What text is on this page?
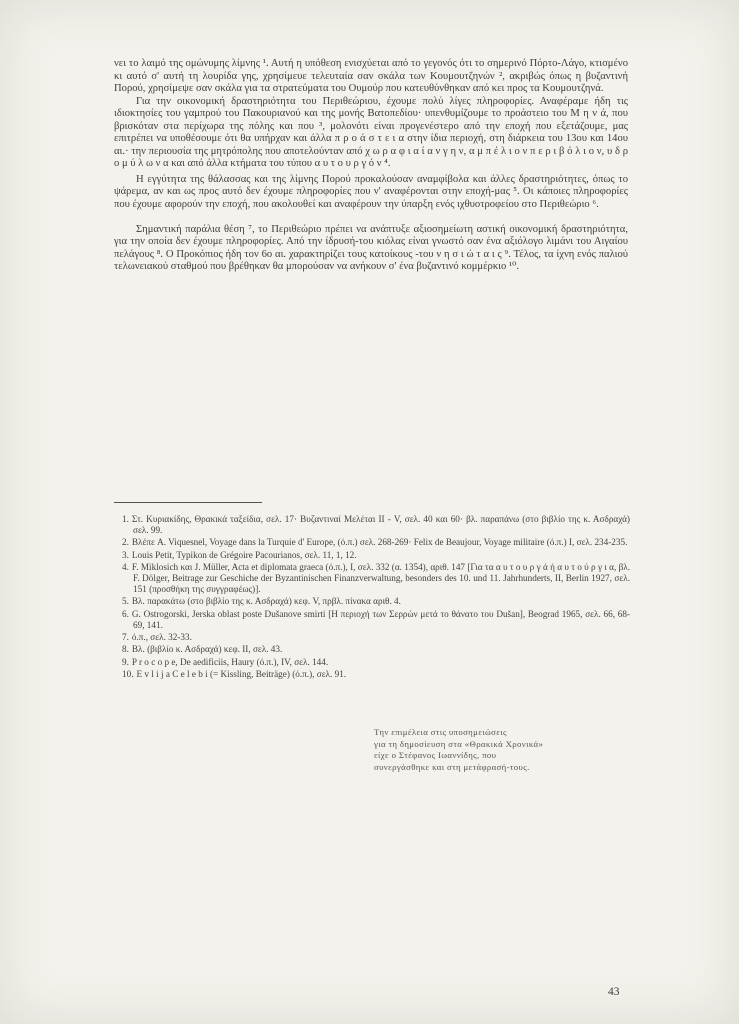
νει το λαιμό της ομώνυμης λίμνης ¹. Αυτή η υπόθεση ενισχύεται από το γεγονός ότι το σημερινό Πόρτο-Λάγο, κτισμένο κι αυτό σ' αυτή τη λουρίδα γης, χρησίμευε τελευταία σαν σκάλα των Κουμουτζηνών ², ακριβώς όπως η βυζαντινή Πορού, χρησίμεψε σαν σκάλα για τα στρατεύματα του Ουμούρ που κατευθύνθηκαν από κει προς τα Κουμουτζηνά.

Για την οικονομική δραστηριότητα του Περιθεώριου, έχουμε πολύ λίγες πληροφορίες. Αναφέραμε ήδη τις ιδιοκτησίες του γαμπρού του Πακουριανού και της μονής Βατοπεδίου· υπενθυμίζουμε το προάστειο του Μ η ν ά, που βρισκόταν στα περίχωρα της πόλης και που ³, μολονότι είναι προγενέστερο από την εποχή που εξετάζουμε, μας επιτρέπει να υποθέσουμε ότι θα υπήρχαν και άλλα π ρ ο ά σ τ ε ι α στην ίδια περιοχή, στη διάρκεια του 13ου και 14ου αι.· την περιουσία της μητρόπολης που αποτελούνταν από χ ω ρ α φ ι α ί α ν γ η ν, α μ π έ λ ι ο ν π ε ρ ι β ό λ ι ο ν, υ δ ρ ο μ ύ λ ω ν α και από άλλα κτήματα του τύπου α υ τ ο υ ρ γ ό ν ⁴.

Η εγγύτητα της θάλασσας και της λίμνης Πορού προκαλούσαν αναμφίβολα και άλλες δραστηριότητες, όπως το ψάρεμα, αν και ως προς αυτό δεν έχουμε πληροφορίες που ν' αναφέρονται στην εποχή-μας ⁵. Οι κάποιες πληροφορίες που έχουμε αφορούν την εποχή, που ακολουθεί και αναφέρουν την ύπαρξη ενός ιχθυοτροφείου στο Περιθεώριο ⁶.

Σημαντική παράλια θέση ⁷, το Περιθεώριο πρέπει να ανάπτυξε αξιοσημείωτη αστική οικονομική δραστηριότητα, για την οποία δεν έχουμε πληροφορίες. Από την ίδρυσή-του κιόλας είναι γνωστό σαν ένα αξιόλογο λιμάνι του Αιγαίου πελάγους ⁸. Ο Προκόπιος ήδη τον 6ο αι. χαρακτηρίζει τους κατοίκους -του ν η σ ι ώ τ α ι ς ⁹. Τέλος, τα ίχνη ενός παλιού τελωνειακού σταθμού που βρέθηκαν θα μπορούσαν να ανήκουν σ' ένα βυζαντινό κομμέρκιο ¹⁰.

1. Στ. Κυριακίδης, Θρακικά ταξείδια, σελ. 17· Βυζαντιναί Μελέται ΙΙ - V, σελ. 40 και 60· βλ. παραπάνω (στο βιβλίο της κ. Ασδραχά) σελ. 99.

2. Βλέπε A. Viquesnel, Voyage dans la Turquie d' Europe, (ό.π.) σελ. 268-269· Felix de Beaujour, Voyage militaire (ό.π.) I, σελ. 234-235.

3. Louis Petit, Typikon de Grégoire Pacourianos, σελ. 11, 1, 12.

4. F. Miklosich και J. Müller, Acta et diplomata graeca (ό.π.), I, σελ. 332 (α. 1354), αριθ. 147 [Για τα α υ τ ο υ ρ γ ά ή α υ τ ο ύ ρ γ ι α, βλ. F. Dölger, Beitrage zur Geschiche der Byzantinischen Finanzverwaltung, besonders des 10. und 11. Jahrhunderts, II, Berlin 1927, σελ. 151 (προσθήκη της συγγραφέως)].

5. Βλ. παρακάτω (στο βιβλίο της κ. Ασδραχά) κεφ. V, πρβλ. πίνακα αριθ. 4.

6. G. Ostrogorski, Jerska oblast poste Dušanove smirti [Η περιοχή των Σερρών μετά το θάνατο του Dušan], Beograd 1965, σελ. 66, 68-69, 141.

7. ό.π., σελ. 32-33.

8. Βλ. (βιβλίο κ. Ασδραχά) κεφ. ΙΙ, σελ. 43.

9. P r o c o p e, De aedificiis, Haury (ό.π.), IV, σελ. 144.

10. E v l i j a C e l e b i (= Kissling, Beiträge) (ό.π.), σελ. 91.

Την επιμέλεια στις υποσημειώσεις
για τη δημοσίευση στα «Θρακικά Χρονικά»
είχε ο Στέφανος Ιωαννίδης, που
συνεργάσθηκε και στη μετάφρασή-τους.
43
